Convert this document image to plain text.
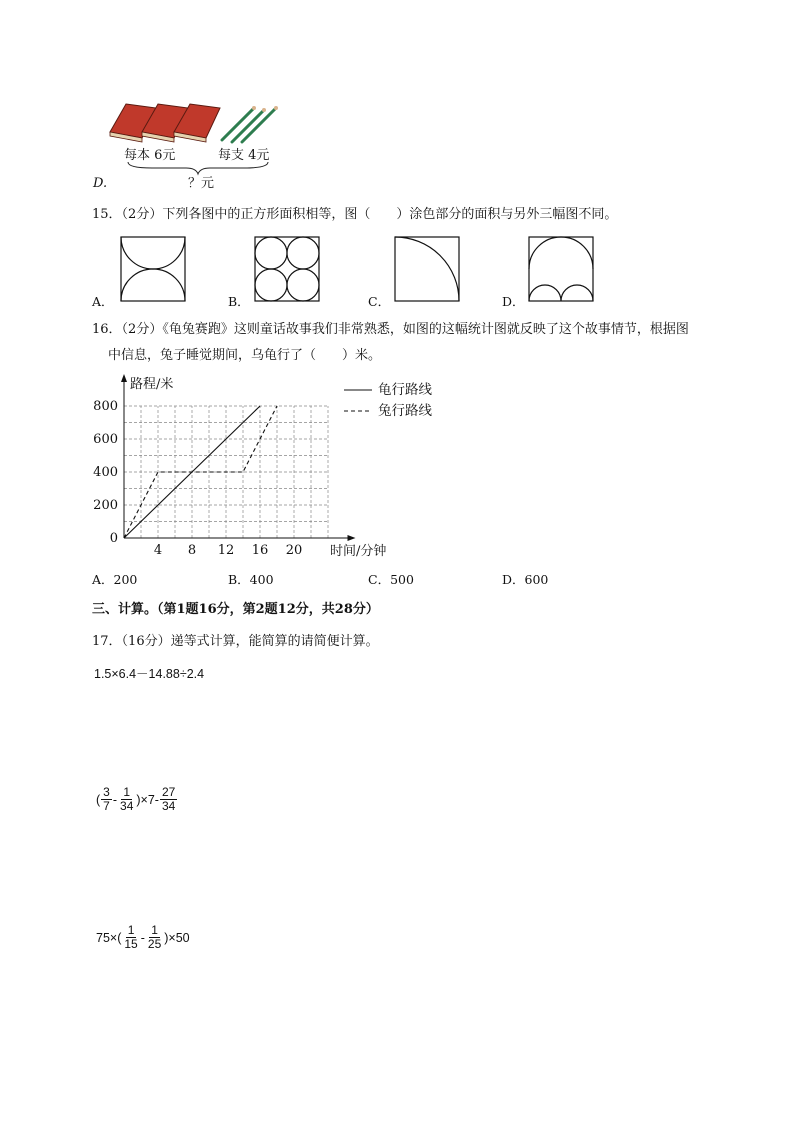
每本 6元	每支 4元
？元
D.
15．（2分）下列各图中的正方形面积相等，图（　　）涂色部分的面积与另外三幅图不同。
A．	B．	C．	D．
16．（2分）《龟兔赛跑》这则童话故事我们非常熟悉，如图的这幅统计图就反映了这个故事情节，根据图
中信息，兔子睡觉期间，乌龟行了（　　）米。
路程/米
时间/分钟
200
400
600
800
0
4 8 12 16 20
龟行路线
兔行路线
A．200	B．400	C．500	D．600
三、计算。（第1题16分，第2题12分，共28分）
17．（16分）递等式计算，能简算的请简便计算。
1.5×6.4－14.88÷2.4
( $\frac{3}{7} - \frac{1}{34} )\times 7- \frac{27}{34}$
$75\times( \frac{1}{15} - \frac{1}{25} )\times 50$
